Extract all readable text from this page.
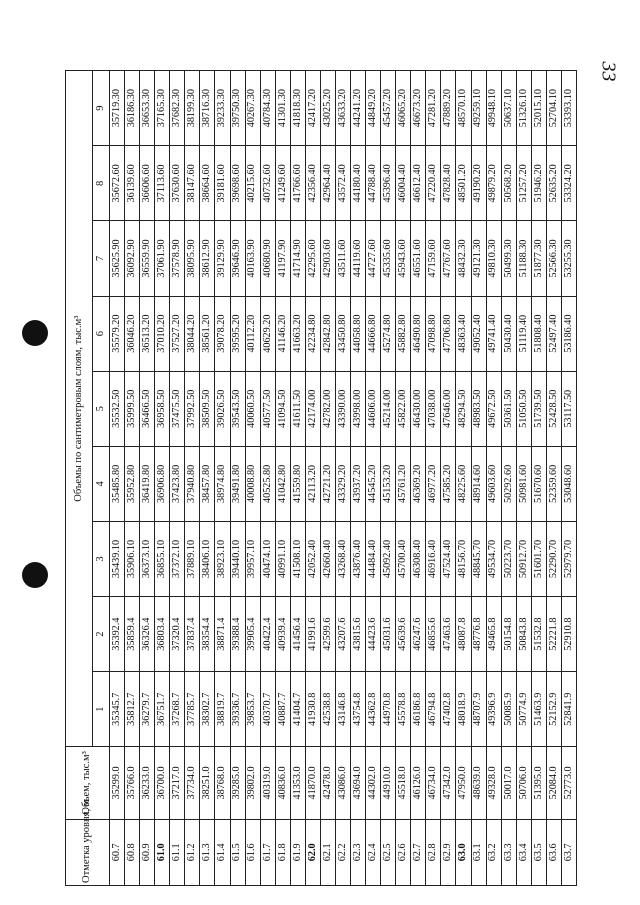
33
Отметка уровня, м	Объем, тыс.м³	Объемы по сантиметровым слоям, тыс.м³								
		1	2	3	4	5	6	7	8	9
60.7	35299.0	35345.7	35392.4	35439.10	35485.80	35532.50	35579.20	35625.90	35672.60	35719.30
60.8	35766.0	35812.7	35859.4	35906.10	35952.80	35999.50	36046.20	36092.90	36139.60	36186.30
60.9	36233.0	36279.7	36326.4	36373.10	36419.80	36466.50	36513.20	36559.90	36606.60	36653.30
61.0	36700.0	36751.7	36803.4	36855.10	36906.80	36958.50	37010.20	37061.90	37113.60	37165.30
61.1	37217.0	37268.7	37320.4	37372.10	37423.80	37475.50	37527.20	37578.90	37630.60	37682.30
61.2	37734.0	37785.7	37837.4	37889.10	37940.80	37992.50	38044.20	38095.90	38147.60	38199.30
61.3	38251.0	38302.7	38354.4	38406.10	38457.80	38509.50	38561.20	38612.90	38664.60	38716.30
61.4	38768.0	38819.7	38871.4	38923.10	38974.80	39026.50	39078.20	39129.90	39181.60	39233.30
61.5	39285.0	39336.7	39388.4	39440.10	39491.80	39543.50	39595.20	39646.90	39698.60	39750.30
61.6	39802.0	39853.7	39905.4	39957.10	40008.80	40060.50	40112.20	40163.90	40215.60	40267.30
61.7	40319.0	40370.7	40422.4	40474.10	40525.80	40577.50	40629.20	40680.90	40732.60	40784.30
61.8	40836.0	40887.7	40939.4	40991.10	41042.80	41094.50	41146.20	41197.90	41249.60	41301.30
61.9	41353.0	41404.7	41456.4	41508.10	41559.80	41611.50	41663.20	41714.90	41766.60	41818.30
62.0	41870.0	41930.8	41991.6	42052.40	42113.20	42174.00	42234.80	42295.60	42356.40	42417.20
62.1	42478.0	42538.8	42599.6	42660.40	42721.20	42782.00	42842.80	42903.60	42964.40	43025.20
62.2	43086.0	43146.8	43207.6	43268.40	43329.20	43390.00	43450.80	43511.60	43572.40	43633.20
62.3	43694.0	43754.8	43815.6	43876.40	43937.20	43998.00	44058.80	44119.60	44180.40	44241.20
62.4	44302.0	44362.8	44423.6	44484.40	44545.20	44606.00	44666.80	44727.60	44788.40	44849.20
62.5	44910.0	44970.8	45031.6	45092.40	45153.20	45214.00	45274.80	45335.60	45396.40	45457.20
62.6	45518.0	45578.8	45639.6	45700.40	45761.20	45822.00	45882.80	45943.60	46004.40	46065.20
62.7	46126.0	46186.8	46247.6	46308.40	46369.20	46430.00	46490.80	46551.60	46612.40	46673.20
62.8	46734.0	46794.8	46855.6	46916.40	46977.20	47038.00	47098.80	47159.60	47220.40	47281.20
62.9	47342.0	47402.8	47463.6	47524.40	47585.20	47646.00	47706.80	47767.60	47828.40	47889.20
63.0	47950.0	48018.9	48087.8	48156.70	48225.60	48294.50	48363.40	48432.30	48501.20	48570.10
63.1	48639.0	48707.9	48776.8	48845.70	48914.60	48983.50	49052.40	49121.30	49190.20	49259.10
63.2	49328.0	49396.9	49465.8	49534.70	49603.60	49672.50	49741.40	49810.30	49879.20	49948.10
63.3	50017.0	50085.9	50154.8	50223.70	50292.60	50361.50	50430.40	50499.30	50568.20	50637.10
63.4	50706.0	50774.9	50843.8	50912.70	50981.60	51050.50	51119.40	51188.30	51257.20	51326.10
63.5	51395.0	51463.9	51532.8	51601.70	51670.60	51739.50	51808.40	51877.30	51946.20	52015.10
63.6	52084.0	52152.9	52221.8	52290.70	52359.60	52428.50	52497.40	52566.30	52635.20	52704.10
63.7	52773.0	52841.9	52910.8	52979.70	53048.60	53117.50	53186.40	53255.30	53324.20	53393.10
